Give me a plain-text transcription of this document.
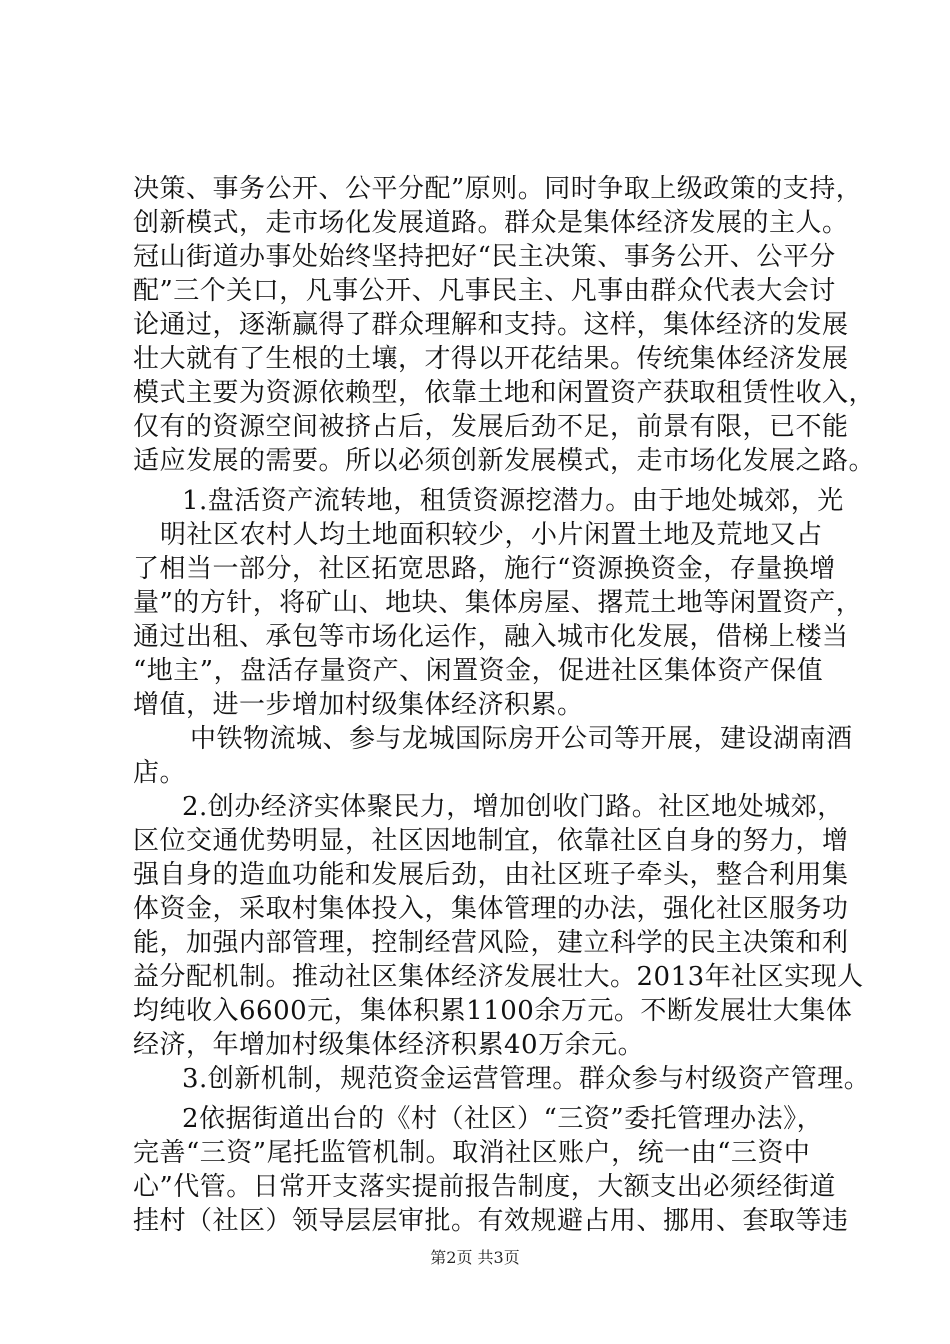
决策、事务公开、公平分配”原则。同时争取上级政策的支持，
创新模式，走市场化发展道路。群众是集体经济发展的主人。
冠山街道办事处始终坚持把好“民主决策、事务公开、公平分
配”三个关口，凡事公开、凡事民主、凡事由群众代表大会讨
论通过，逐渐赢得了群众理解和支持。这样，集体经济的发展
壮大就有了生根的土壤，才得以开花结果。传统集体经济发展
模式主要为资源依赖型，依靠土地和闲置资产获取租赁性收入，
仅有的资源空间被挤占后，发展后劲不足，前景有限，已不能
适应发展的需要。所以必须创新发展模式，走市场化发展之路。
1.盘活资产流转地，租赁资源挖潜力。由于地处城郊，光
明社区农村人均土地面积较少，小片闲置土地及荒地又占
了相当一部分，社区拓宽思路，施行“资源换资金，存量换增
量”的方针，将矿山、地块、集体房屋、撂荒土地等闲置资产，
通过出租、承包等市场化运作，融入城市化发展，借梯上楼当
“地主”，盘活存量资产、闲置资金，促进社区集体资产保值
增值，进一步增加村级集体经济积累。
中铁物流城、参与龙城国际房开公司等开展，建设湖南酒
店。
2.创办经济实体聚民力，增加创收门路。社区地处城郊，
区位交通优势明显，社区因地制宜，依靠社区自身的努力，增
强自身的造血功能和发展后劲，由社区班子牵头，整合利用集
体资金，采取村集体投入，集体管理的办法，强化社区服务功
能，加强内部管理，控制经营风险，建立科学的民主决策和利
益分配机制。推动社区集体经济发展壮大。2013年社区实现人
均纯收入6600元，集体积累1100余万元。不断发展壮大集体
经济，年增加村级集体经济积累40万余元。
3.创新机制，规范资金运营管理。群众参与村级资产管理。
2依据街道出台的《村（社区）“三资”委托管理办法》，
完善“三资”尾托监管机制。取消社区账户，统一由“三资中
心”代管。日常开支落实提前报告制度，大额支出必须经街道
挂村（社区）领导层层审批。有效规避占用、挪用、套取等违
第2页 共3页
